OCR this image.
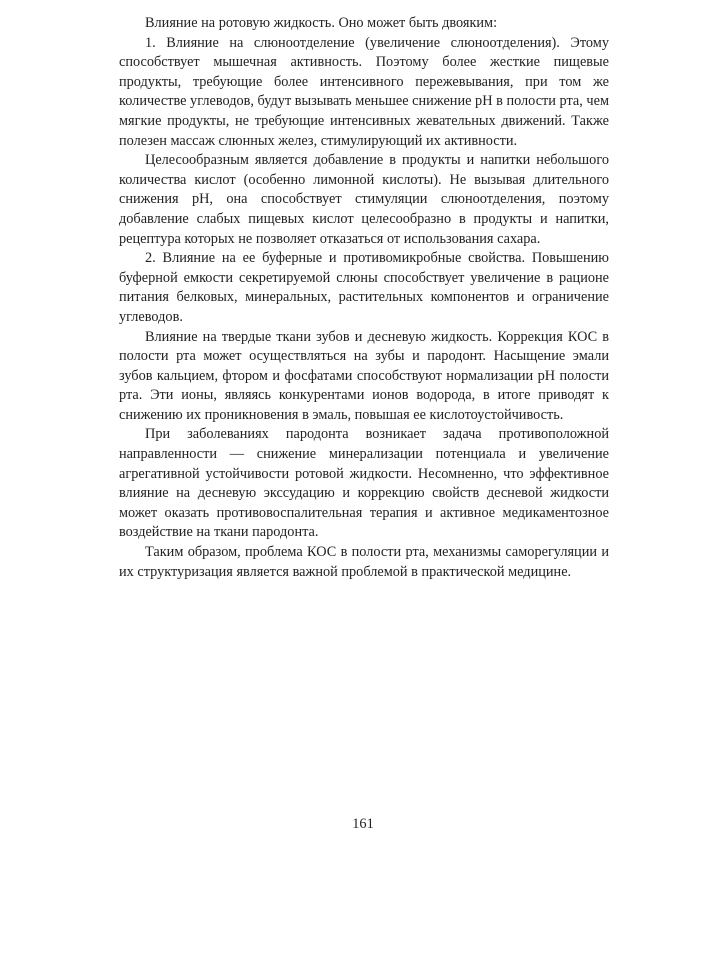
Влияние на ротовую жидкость. Оно может быть двояким:

1. Влияние на слюноотделение (увеличение слюноотделения). Этому способствует мышечная активность. Поэтому более жесткие пищевые продукты, требующие более интенсивного пережевывания, при том же количестве углеводов, будут вызывать меньшее снижение pH в полости рта, чем мягкие продукты, не требующие интенсивных жевательных движений. Также полезен массаж слюнных желез, стимулирующий их активности.

Целесообразным является добавление в продукты и напитки небольшого количества кислот (особенно лимонной кислоты). Не вызывая длительного снижения pH, она способствует стимуляции слюноотделения, поэтому добавление слабых пищевых кислот целесообразно в продукты и напитки, рецептура которых не позволяет отказаться от использования сахара.

2. Влияние на ее буферные и противомикробные свойства. Повышению буферной емкости секретируемой слюны способствует увеличение в рационе питания белковых, минеральных, растительных компонентов и ограничение углеводов.

Влияние на твердые ткани зубов и десневую жидкость. Коррекция КОС в полости рта может осуществляться на зубы и пародонт. Насыщение эмали зубов кальцием, фтором и фосфатами способствуют нормализации pH полости рта. Эти ионы, являясь конкурентами ионов водорода, в итоге приводят к снижению их проникновения в эмаль, повышая ее кислотоустойчивость.

При заболеваниях пародонта возникает задача противоположной направленности — снижение минерализации потенциала и увеличение агрегативной устойчивости ротовой жидкости. Несомненно, что эффективное влияние на десневую экссудацию и коррекцию свойств десневой жидкости может оказать противовоспалительная терапия и активное медикаментозное воздействие на ткани пародонта.

Таким образом, проблема КОС в полости рта, механизмы саморегуляции и их структуризация является важной проблемой в практической медицине.

161
